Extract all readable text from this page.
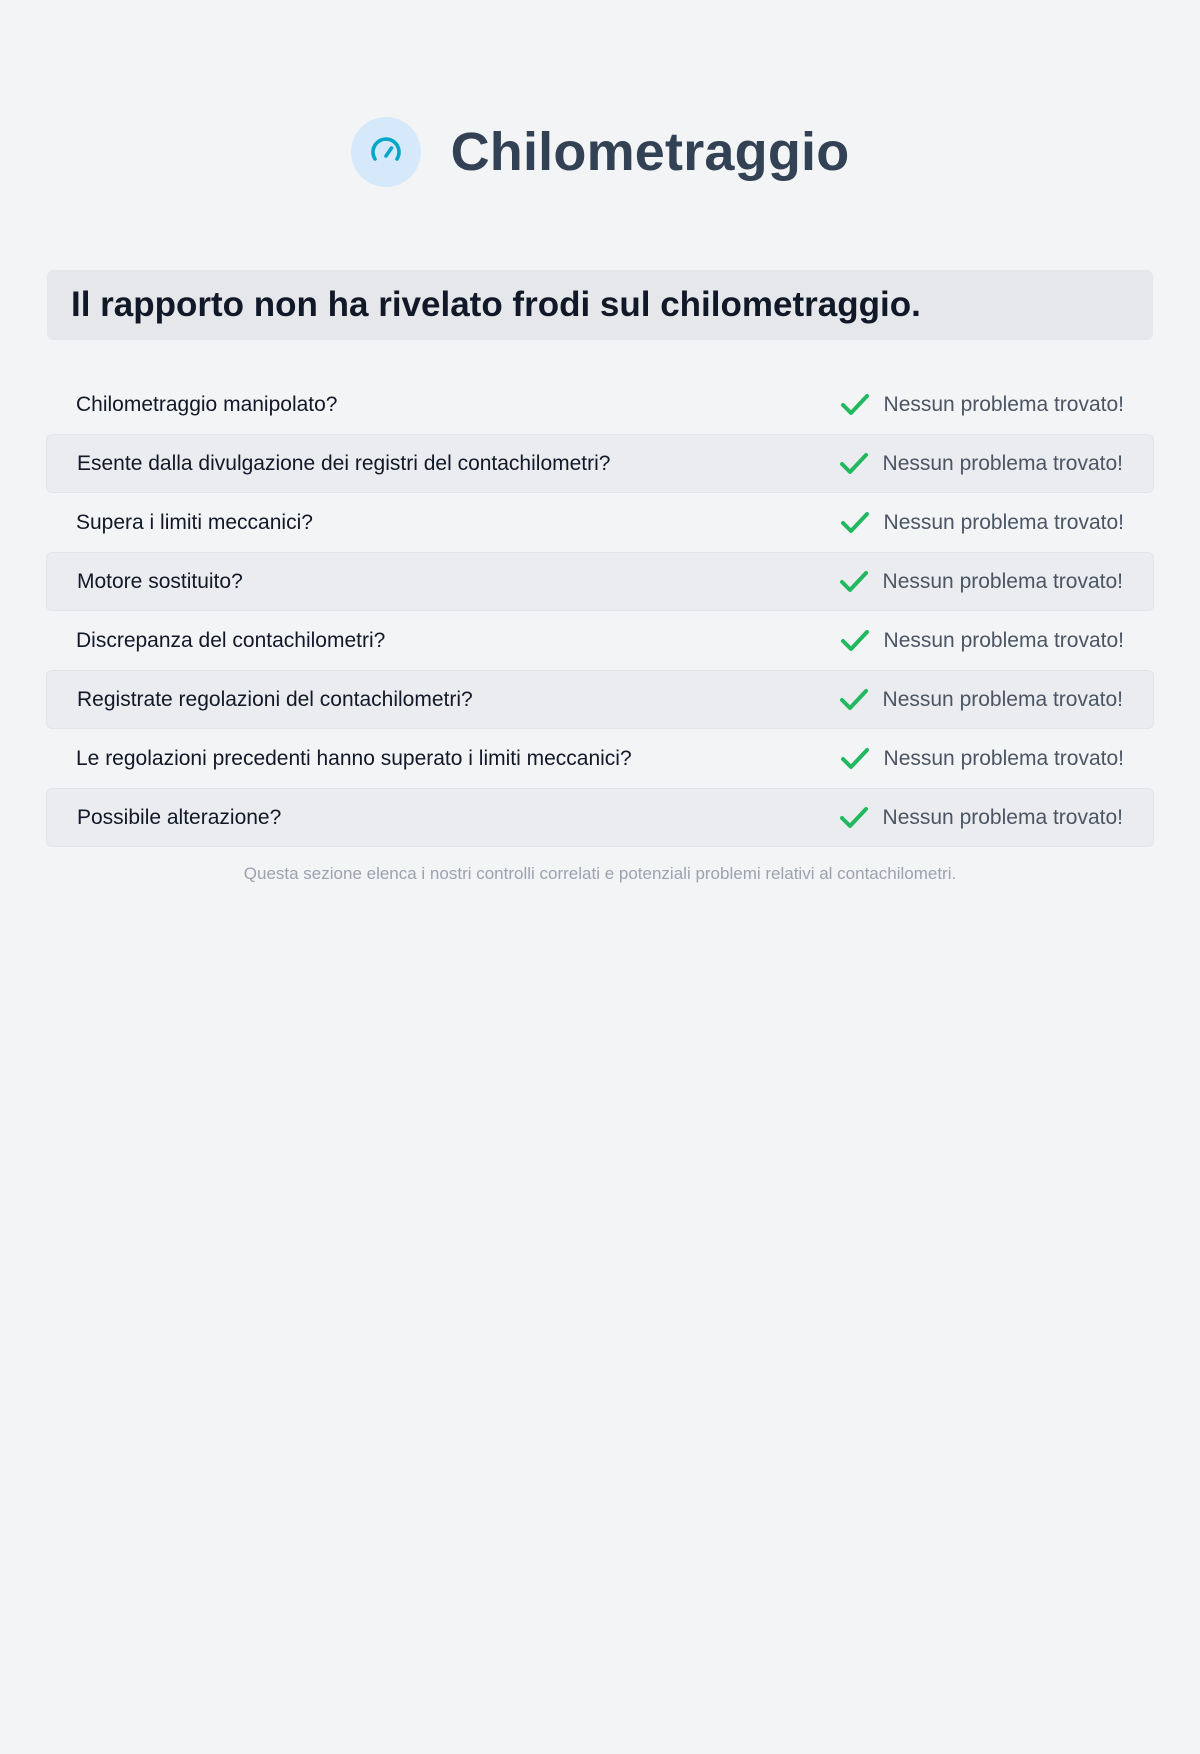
Chilometraggio
Il rapporto non ha rivelato frodi sul chilometraggio.
Chilometraggio manipolato?	Nessun problema trovato!
Esente dalla divulgazione dei registri del contachilometri?	Nessun problema trovato!
Supera i limiti meccanici?	Nessun problema trovato!
Motore sostituito?	Nessun problema trovato!
Discrepanza del contachilometri?	Nessun problema trovato!
Registrate regolazioni del contachilometri?	Nessun problema trovato!
Le regolazioni precedenti hanno superato i limiti meccanici?	Nessun problema trovato!
Possibile alterazione?	Nessun problema trovato!
Questa sezione elenca i nostri controlli correlati e potenziali problemi relativi al contachilometri.
